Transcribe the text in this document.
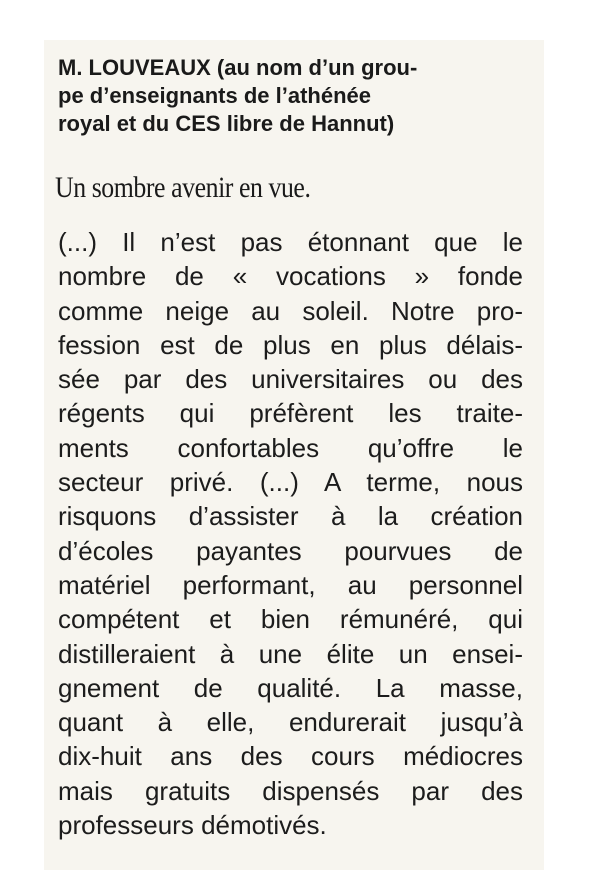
M. LOUVEAUX (au nom d’un grou-
pe d’enseignants de l’athénée
royal et du CES libre de Hannut)

Un sombre avenir en vue.
(...) Il n’est pas étonnant que le
nombre de « vocations » fonde
comme neige au soleil. Notre pro-
fession est de plus en plus délais-
sée par des universitaires ou des
régents qui préfèrent les traite-
ments confortables qu’offre le
secteur privé. (...) A terme, nous
risquons d’assister à la création
d’écoles payantes pourvues de
matériel performant, au personnel
compétent et bien rémunéré, qui
distilleraient à une élite un ensei-
gnement de qualité. La masse,
quant à elle, endurerait jusqu’à
dix-huit ans des cours médiocres
mais gratuits dispensés par des
professeurs démotivés.
